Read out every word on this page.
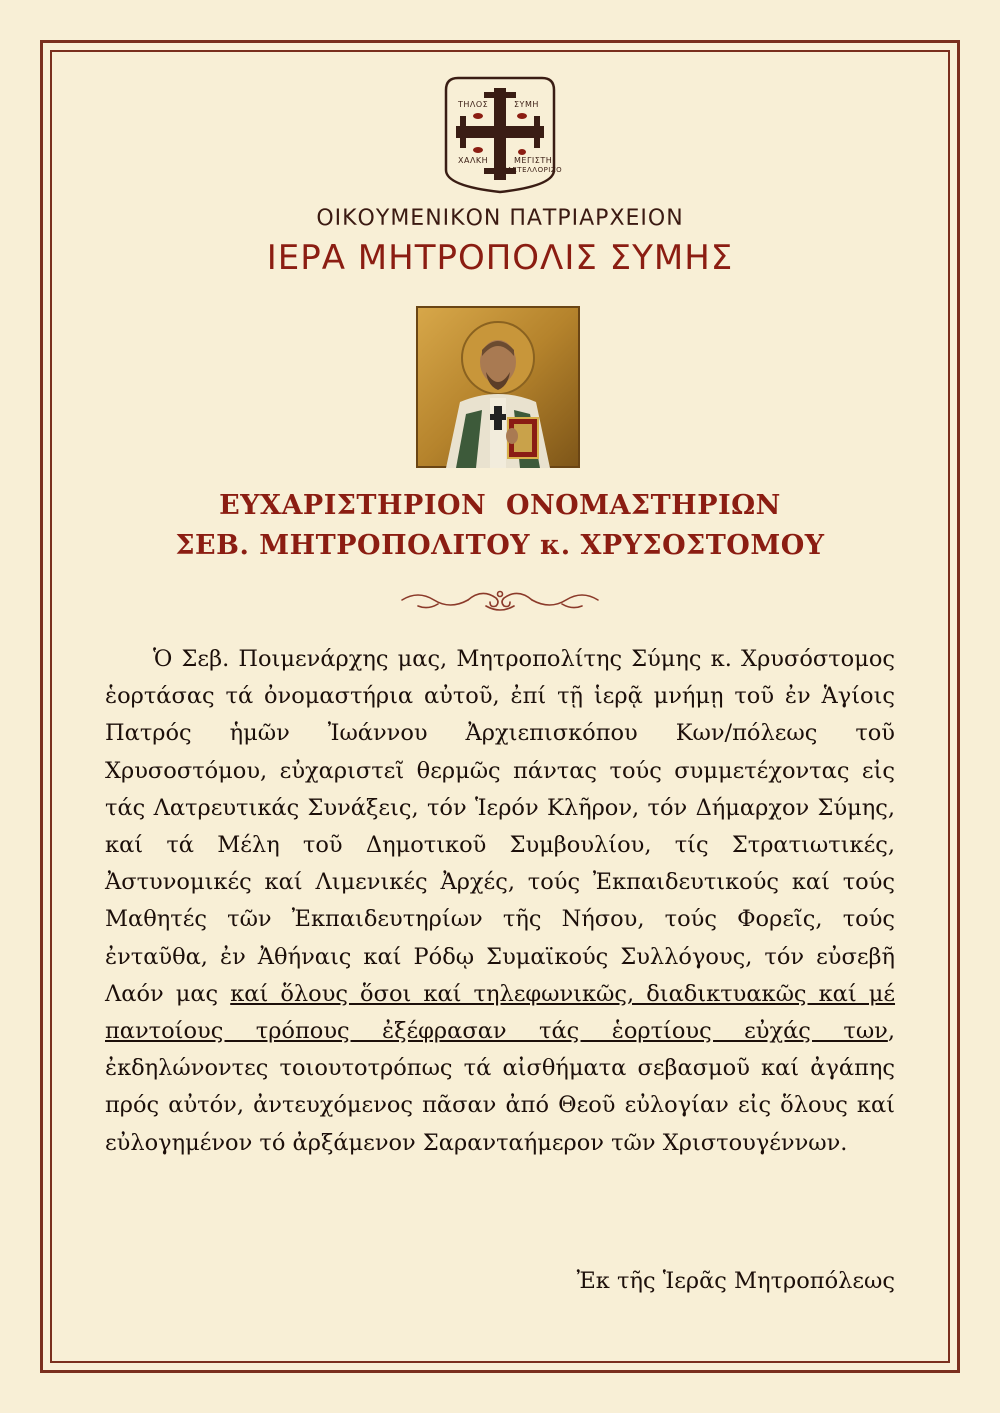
ΤΗΛΟΣ	ΣΥΜΗ
ΧΑΛΚΗ	ΜΕΓΙΣΤΗ
ΚΑΣΤΕΛΛΟΡΙΖΟ
ΟΙΚΟΥΜΕΝΙΚΟΝ ΠΑΤΡΙΑΡΧΕΙΟΝ
ΙΕΡΑ ΜΗΤΡΟΠΟΛΙΣ ΣΥΜΗΣ
ΕΥΧΑΡΙΣΤΗΡΙΟΝ  ΟΝΟΜΑΣΤΗΡΙΩΝ
ΣΕΒ. ΜΗΤΡΟΠΟΛΙΤΟΥ κ. ΧΡΥΣΟΣΤΟΜΟΥ
Ὁ Σεβ. Ποιμενάρχης μας, Μητροπολίτης Σύμης κ. Χρυσόστομος ἑορτάσας τά ὀνομαστήρια αὐτοῦ, ἐπί τῇ ἱερᾷ μνήμῃ τοῦ ἐν Ἁγίοις Πατρός ἡμῶν Ἰωάννου Ἀρχιεπισκόπου Κων/πόλεως τοῦ Χρυσοστόμου, εὐχαριστεῖ θερμῶς πάντας τούς συμμετέχοντας εἰς τάς Λατρευτικάς Συνάξεις, τόν Ἱερόν Κλῆρον, τόν Δήμαρχον Σύμης, καί τά Μέλη τοῦ Δημοτικοῦ Συμβουλίου, τίς Στρατιωτικές, Ἀστυνομικές καί Λιμενικές Ἀρχές, τούς Ἐκπαιδευτικούς καί τούς Μαθητές τῶν Ἐκπαιδευτηρίων τῆς Νήσου, τούς Φορεῖς, τούς ἐνταῦθα, ἐν Ἀθήναις καί Ρόδῳ Συμαϊκούς Συλλόγους, τόν εὐσεβῆ Λαόν μας καί ὅλους ὅσοι καί τηλεφωνικῶς, διαδικτυακῶς καί μέ παντοίους τρόπους ἐξέφρασαν τάς ἑορτίους εὐχάς των, ἐκδηλώνοντες τοιουτοτρόπως τά αἰσθήματα σεβασμοῦ καί ἀγάπης πρός αὐτόν, ἀντευχόμενος πᾶσαν ἀπό Θεοῦ εὐλογίαν εἰς ὅλους καί εὐλογημένον τό ἀρξάμενον Σαρανταήμερον τῶν Χριστουγέννων.
Ἐκ τῆς Ἱερᾶς Μητροπόλεως
